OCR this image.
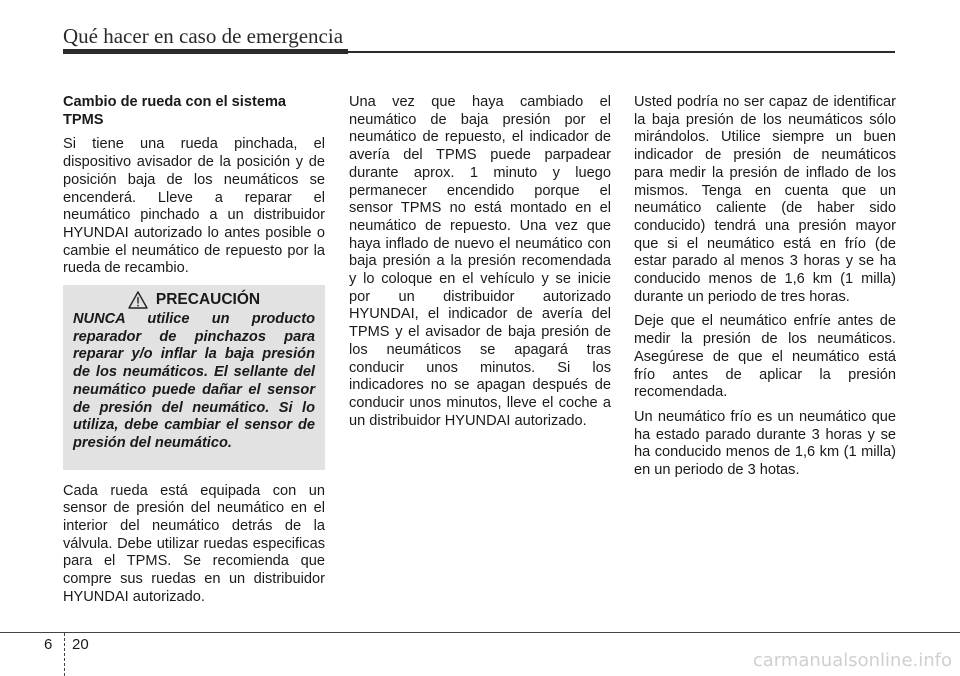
Qué hacer en caso de emergencia

Cambio de rueda con el sistema TPMS

Si tiene una rueda pinchada, el dispositivo avisador de la posición y de posición baja de los neumáticos se encenderá. Lleve a reparar el neumático pinchado a un distribuidor HYUNDAI autorizado lo antes posible o cambie el neumático de repuesto por la rueda de recambio.

PRECAUCIÓN

NUNCA utilice un producto reparador de pinchazos para reparar y/o inflar la baja presión de los neumáticos. El sellante del neumático puede dañar el sensor de presión del neumático. Si lo utiliza, debe cambiar el sensor de presión del neumático.

Cada rueda está equipada con un sensor de presión del neumático en el interior del neumático detrás de la válvula. Debe utilizar ruedas especificas para el TPMS. Se recomienda que compre sus ruedas en un distribuidor HYUNDAI autorizado.

Una vez que haya cambiado el neumático de baja presión por el neumático de repuesto, el indicador de avería del TPMS puede parpadear durante aprox. 1 minuto y luego permanecer encendido porque el sensor TPMS no está montado en el neumático de repuesto. Una vez que haya inflado de nuevo el neumático con baja presión a la presión recomendada y lo coloque en el vehículo y se inicie por un distribuidor autorizado HYUNDAI, el indicador de avería del TPMS y el avisador de baja presión de los neumáticos se apagará tras conducir unos minutos. Si los indicadores no se apagan después de conducir unos minutos, lleve el coche a un distribuidor HYUNDAI autorizado.

Usted podría no ser capaz de identificar la baja presión de los neumáticos sólo mirándolos. Utilice siempre un buen indicador de presión de neumáticos para medir la presión de inflado de los mismos. Tenga en cuenta que un neumático caliente (de haber sido conducido) tendrá una presión mayor que si el neumático está en frío (de estar parado al menos 3 horas y se ha conducido menos de 1,6 km (1 milla) durante un periodo de tres horas.

Deje que el neumático enfríe antes de medir la presión de los neumáticos. Asegúrese de que el neumático está frío antes de aplicar la presión recomendada.

Un neumático frío es un neumático que ha estado parado durante 3 horas y se ha conducido menos de 1,6 km (1 milla) en un periodo de 3 hotas.

6 20
carmanualsonline.info
